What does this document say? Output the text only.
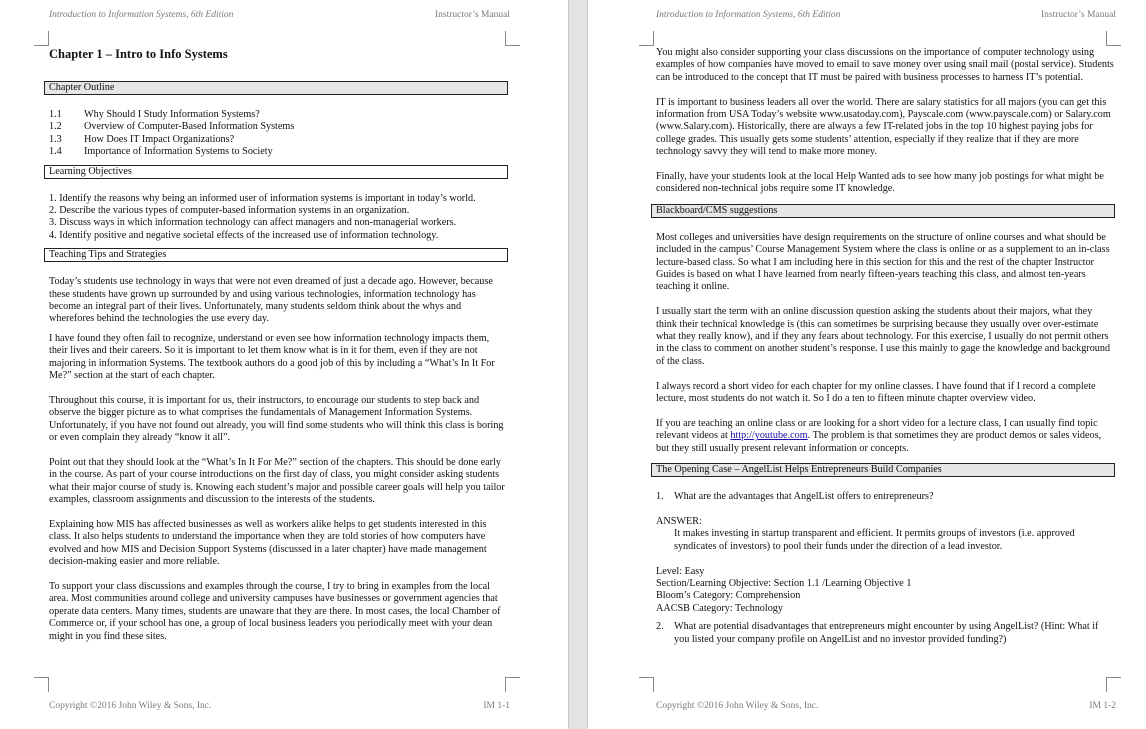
Introduction to Information Systems, 6th Edition	Instructor’s Manual

Chapter 1 – Intro to Info Systems

Chapter Outline
1.1	Why Should I Study Information Systems?
1.2	Overview of Computer-Based Information Systems
1.3	How Does IT Impact Organizations?
1.4	Importance of Information Systems to Society
Learning Objectives

1. Identify the reasons why being an informed user of information systems is important in today’s world.

2. Describe the various types of computer-based information systems in an organization.

3. Discuss ways in which information technology can affect managers and non-managerial workers.

4. Identify positive and negative societal effects of the increased use of information technology.

Teaching Tips and Strategies

Today’s students use technology in ways that were not even dreamed of just a decade ago. However, because these students have grown up surrounded by and using various technologies, information technology has become an integral part of their lives. Unfortunately, many students seldom think about the whys and wherefores behind the technologies the use every day.

I have found they often fail to recognize, understand or even see how information technology impacts them, their lives and their careers. So it is important to let them know what is in it for them, even if they are not majoring in information Systems. The textbook authors do a good job of this by including a “What’s In It For Me?” section at the start of each chapter.

Throughout this course, it is important for us, their instructors, to encourage our students to step back and observe the bigger picture as to what comprises the fundamentals of Management Information Systems. Unfortunately, if you have not found out already, you will find some students who will think this class is boring or even complain they already “know it all”.

Point out that they should look at the “What’s In It For Me?” section of the chapters. This should be done early in the course. As part of your course introductions on the first day of class, you might consider asking students what their major course of study is. Knowing each student’s major and possible career goals will help you tailor examples, classroom assignments and discussion to the interests of the students.

Explaining how MIS has affected businesses as well as workers alike helps to get students interested in this class. It also helps students to understand the importance when they are told stories of how computers have evolved and how MIS and Decision Support Systems (discussed in a later chapter) have made management decision-making easier and more reliable.

To support your class discussions and examples through the course, I try to bring in examples from the local area. Most communities around college and university campuses have businesses or government agencies that operate data centers. Many times, students are unaware that they are there. In most cases, the local Chamber of Commerce or, if your school has one, a group of local business leaders you periodically meet with your dean might in you find these sites.

Copyright ©2016 John Wiley & Sons, Inc.	IM 1-1
Introduction to Information Systems, 6th Edition	Instructor’s Manual

You might also consider supporting your class discussions on the importance of computer technology using examples of how companies have moved to email to save money over using snail mail (postal service). Students can be introduced to the concept that IT must be paired with business processes to harness IT’s potential.

IT is important to business leaders all over the world. There are salary statistics for all majors (you can get this information from USA Today’s website www.usatoday.com), Payscale.com (www.payscale.com) or Salary.com (www.Salary.com). Historically, there are always a few IT-related jobs in the top 10 highest paying jobs for college grades. This usually gets some students’ attention, especially if they realize that if they are more technology savvy they will tend to make more money.

Finally, have your students look at the local Help Wanted ads to see how many job postings for what might be considered non-technical jobs require some IT knowledge.

Blackboard/CMS suggestions

Most colleges and universities have design requirements on the structure of online courses and what should be included in the campus’ Course Management System where the class is online or as a supplement to an in-class lecture-based class. So what I am including here in this section for this and the rest of the chapter Instructor Guides is based on what I have learned from nearly fifteen-years teaching this class, and almost ten-years teaching it online.

I usually start the term with an online discussion question asking the students about their majors, what they think their technical knowledge is (this can sometimes be surprising because they usually over over-estimate what they really know), and if they any fears about technology. For this exercise, I usually do not permit others in the class to comment on another student’s response. I use this mainly to gage the knowledge and background of the class.

I always record a short video for each chapter for my online classes. I have found that if I record a complete lecture, most students do not watch it. So I do a ten to fifteen minute chapter overview video.

If you are teaching an online class or are looking for a short video for a lecture class, I can usually find topic relevant videos at http://youtube.com. The problem is that sometimes they are product demos or sales videos, but they still usually present relevant information or concepts.

The Opening Case – AngelList Helps Entrepreneurs Build Companies
1.	What are the advantages that AngelList offers to entrepreneurs?

ANSWER:

It makes investing in startup transparent and efficient. It permits groups of investors (i.e. approved syndicates of investors) to pool their funds under the direction of a lead investor.

Level: Easy

Section/Learning Objective: Section 1.1 /Learning Objective 1

Bloom’s Category: Comprehension

AACSB Category: Technology

2.	What are potential disadvantages that entrepreneurs might encounter by using AngelList? (Hint: What if you listed your company profile on AngelList and no investor provided funding?)
Copyright ©2016 John Wiley & Sons, Inc.	IM 1-2
